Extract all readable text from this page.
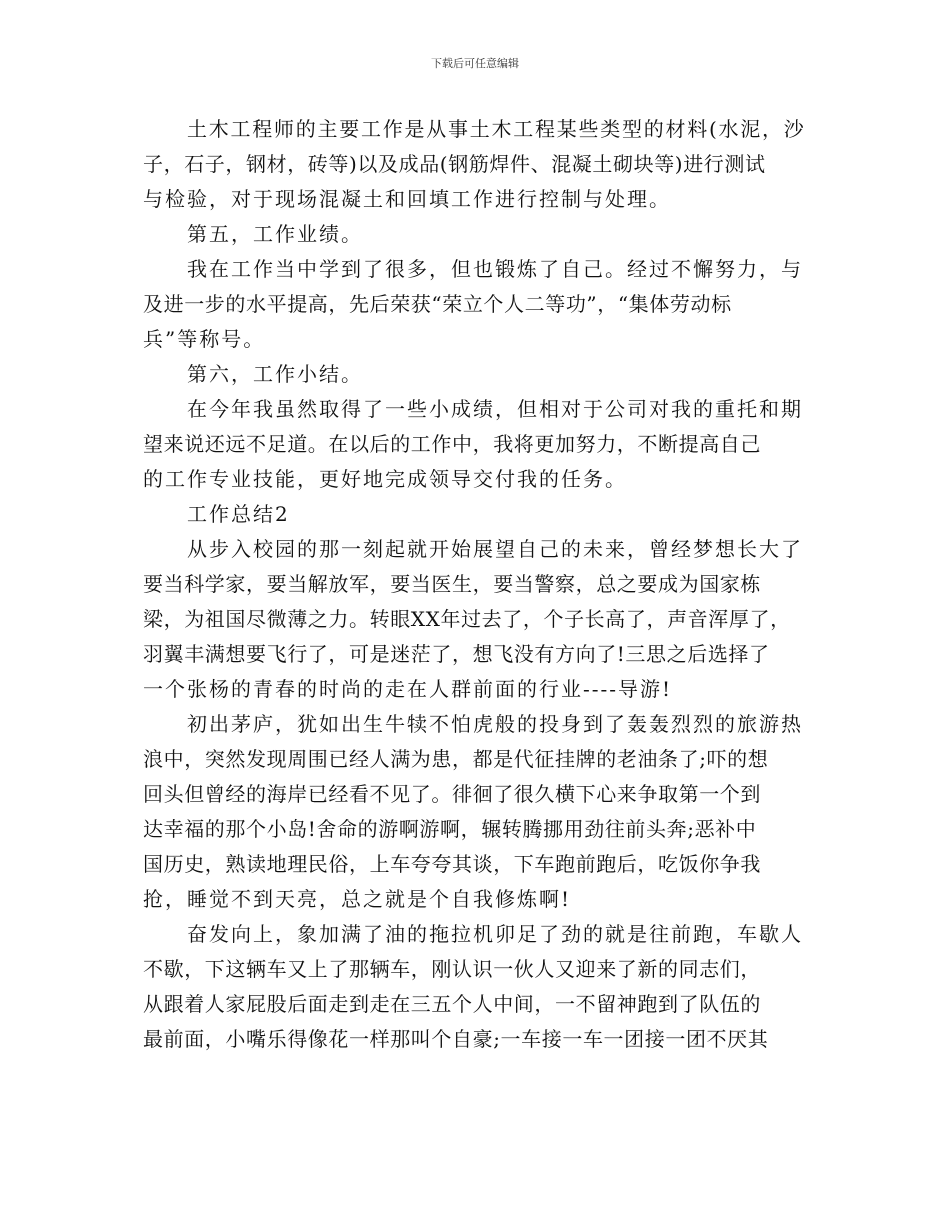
下载后可任意编辑
土木工程师的主要工作是从事土木工程某些类型的材料(水泥，沙
子，石子，钢材，砖等)以及成品(钢筋焊件、混凝土砌块等)进行测试
与检验，对于现场混凝土和回填工作进行控制与处理。
第五，工作业绩。
我在工作当中学到了很多，但也锻炼了自己。经过不懈努力，与
及进一步的水平提高，先后荣获“荣立个人二等功”，“集体劳动标
兵”等称号。
第六，工作小结。
在今年我虽然取得了一些小成绩，但相对于公司对我的重托和期
望来说还远不足道。在以后的工作中，我将更加努力，不断提高自己
的工作专业技能，更好地完成领导交付我的任务。
工作总结2
从步入校园的那一刻起就开始展望自己的未来，曾经梦想长大了
要当科学家，要当解放军，要当医生，要当警察，总之要成为国家栋
梁，为祖国尽微薄之力。转眼XX年过去了，个子长高了，声音浑厚了，
羽翼丰满想要飞行了，可是迷茫了，想飞没有方向了!三思之后选择了
一个张杨的青春的时尚的走在人群前面的行业----导游!
初出茅庐，犹如出生牛犊不怕虎般的投身到了轰轰烈烈的旅游热
浪中，突然发现周围已经人满为患，都是代征挂牌的老油条了;吓的想
回头但曾经的海岸已经看不见了。徘徊了很久横下心来争取第一个到
达幸福的那个小岛!舍命的游啊游啊，辗转腾挪用劲往前头奔;恶补中
国历史，熟读地理民俗，上车夸夸其谈，下车跑前跑后，吃饭你争我
抢，睡觉不到天亮，总之就是个自我修炼啊!
奋发向上，象加满了油的拖拉机卯足了劲的就是往前跑，车歇人
不歇，下这辆车又上了那辆车，刚认识一伙人又迎来了新的同志们，
从跟着人家屁股后面走到走在三五个人中间，一不留神跑到了队伍的
最前面，小嘴乐得像花一样那叫个自豪;一车接一车一团接一团不厌其
